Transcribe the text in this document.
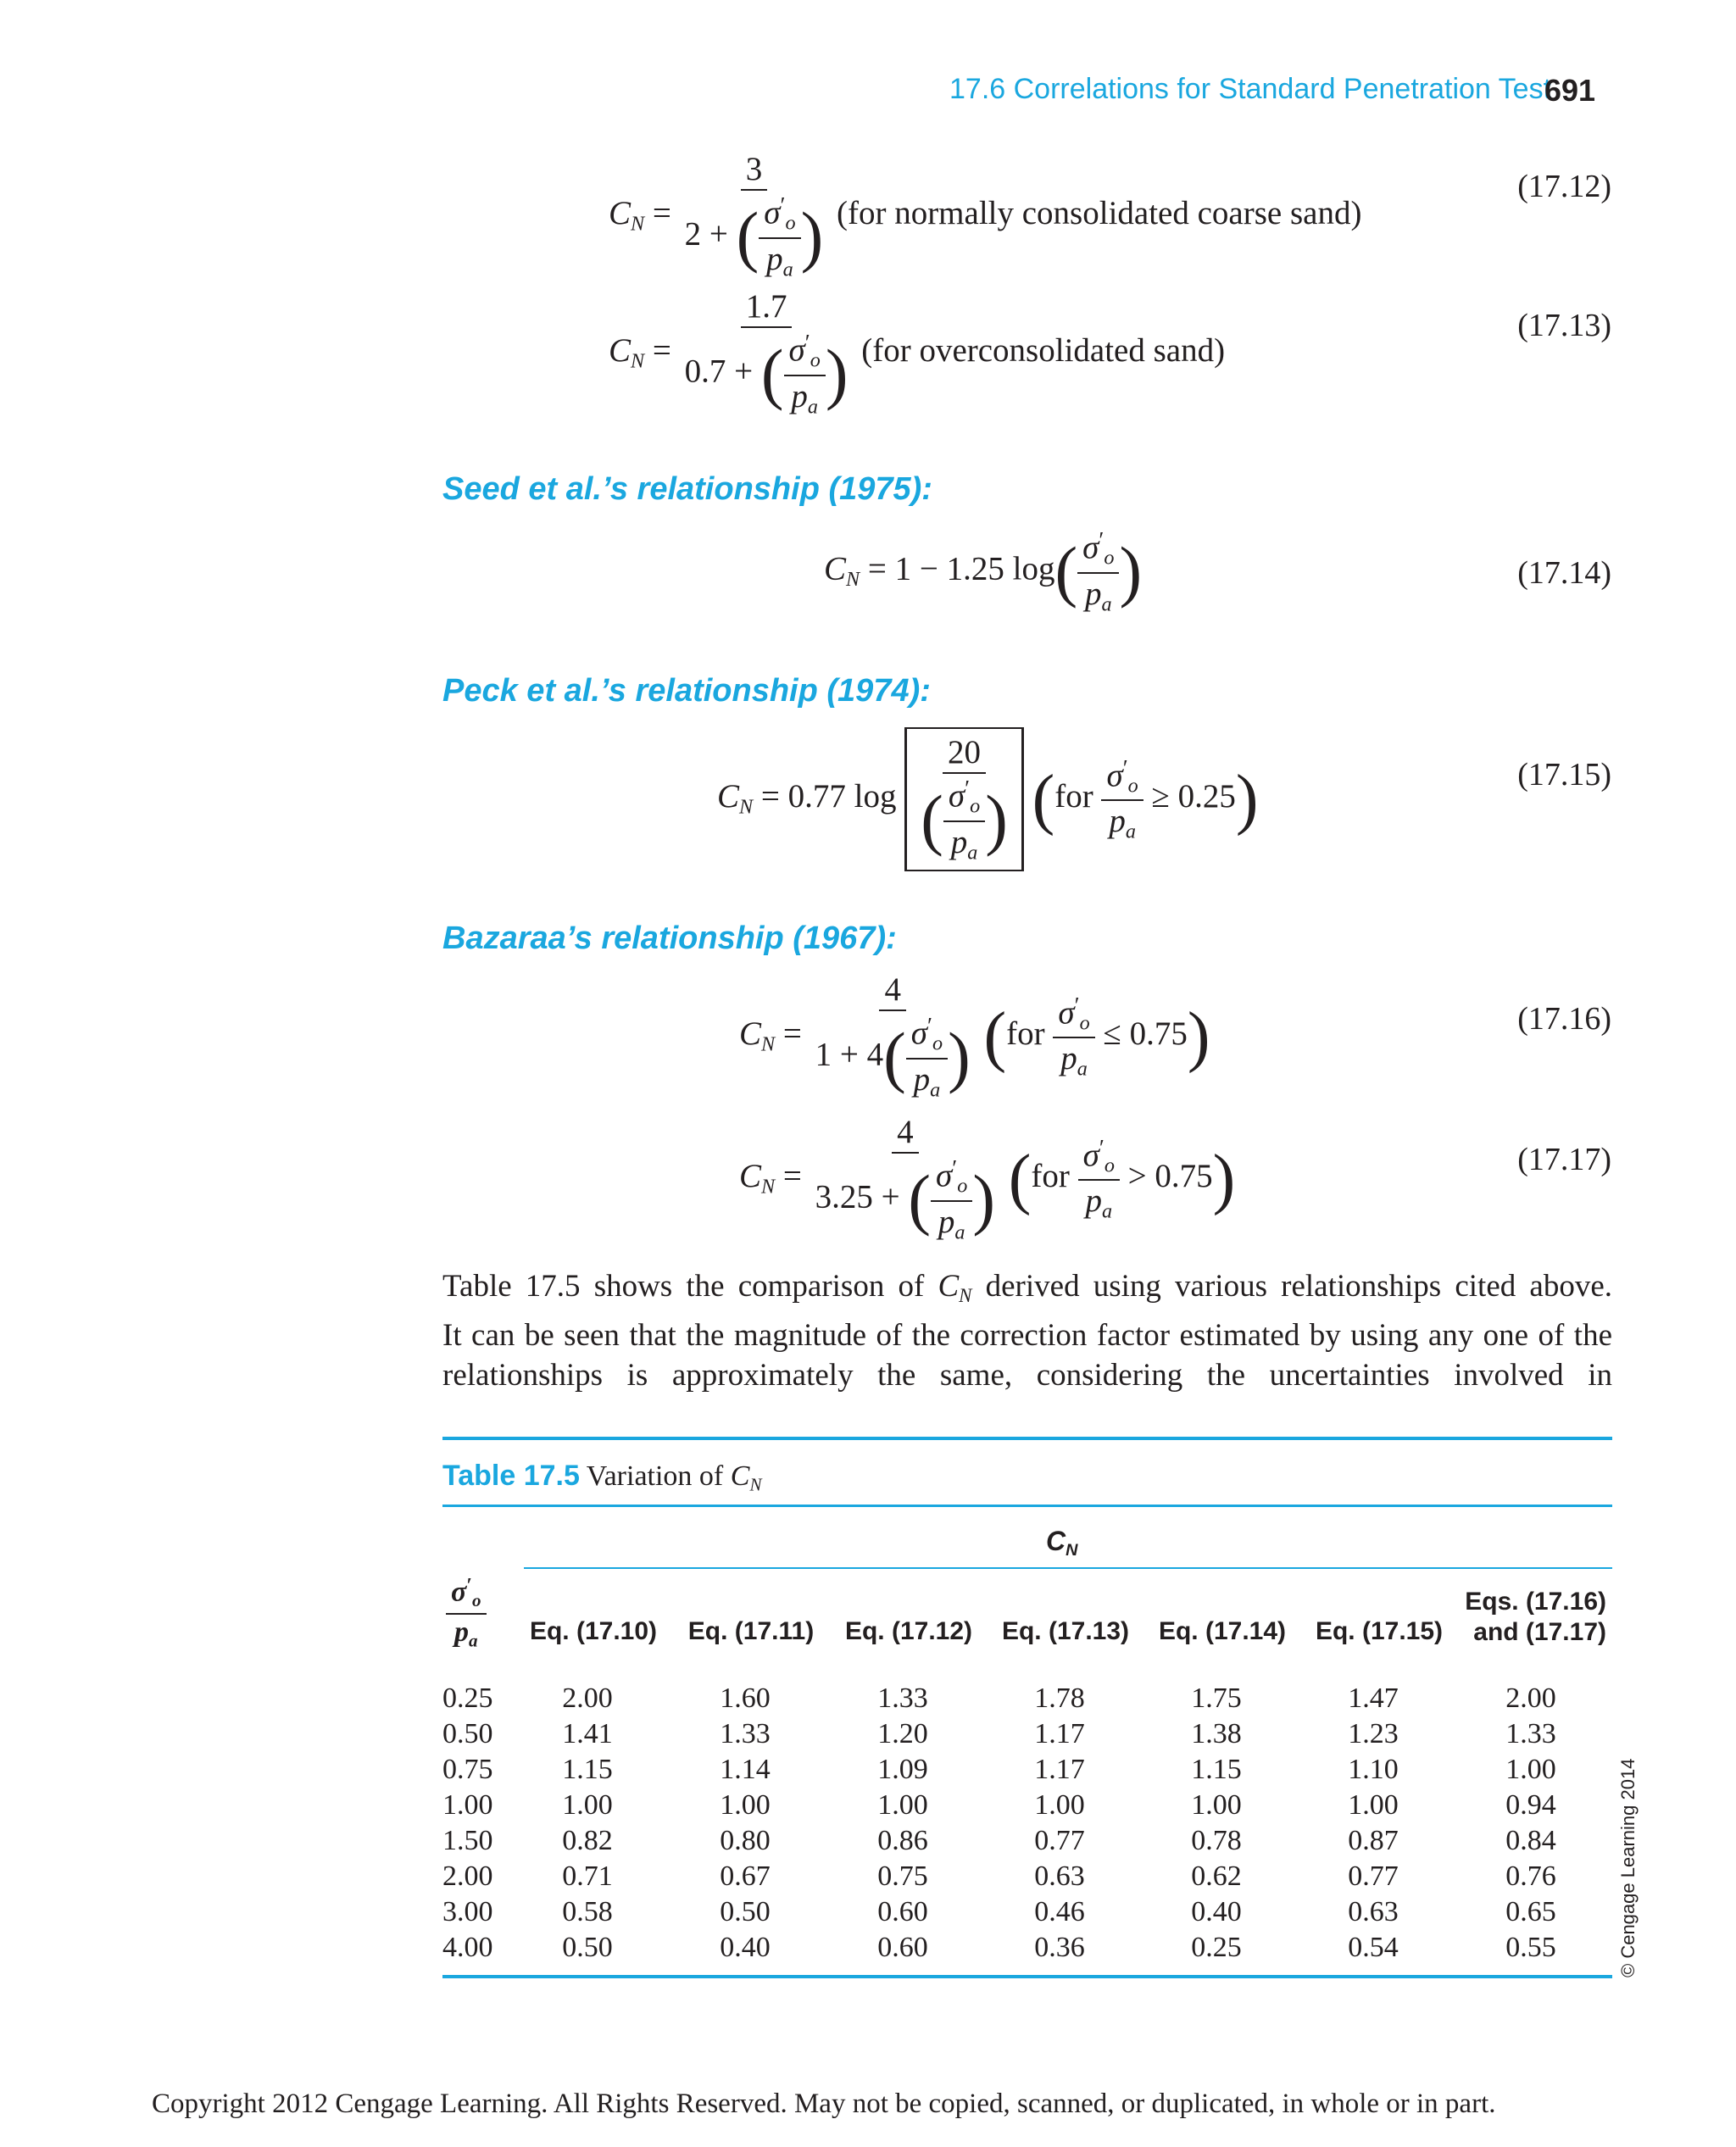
17.6 Correlations for Standard Penetration Test
691
$C_N = \frac{3}{2 + ( \frac{\sigma'_o}{p_a} )} (for$ normally consolidated coarse sand)
(17.12)
$C_N = \frac{1.7}{0.7 + ( \frac{\sigma'_o}{p_a} )} (for$ overconsolidated sand)
(17.13)
Seed et al.’s relationship (1975):
$C_N = 1 - 1.25$ $\log( \frac{\sigma'_o}{p_a}$ )	(17.14)
Peck et al.’s relationship (1974):
$C_N = 0.77$ $\log \frac{20}{( \frac{\sigma'_o}{p_a} )} (for \frac{\sigma'_o}{p_a} \ge 0.25)$	(17.15)
Bazaraa’s relationship (1967):
$C_N = \frac{4}{1 + 4( \frac{\sigma'_o}{p_a} )} (for \frac{\sigma'_o}{p_a} \le 0.75)$	(17.16)
$C_N = \frac{4}{3.25 + ( \frac{\sigma'_o}{p_a} )} (for \frac{\sigma'_o}{p_a} > 0.75)$	(17.17)
Table 17.5 shows the comparison of $C_N$ derived using various relationships cited above.
It can be seen that the magnitude of the correction factor estimated by using any one of the
relationships is approximately the same, considering the uncertainties involved in
Table 17.5 Variation of $C_N$
$C_N$
$\frac{\sigma'_o}{p_a}$	Eq. (17.10)	Eq. (17.11)	Eq. (17.12)	Eq. (17.13)	Eq. (17.14)	Eq. (17.15)
Eqs. (17.16)
and (17.17)
0.25	2.00	1.60	1.33	1.78	1.75	1.47	2.00
0.50	1.41	1.33	1.20	1.17	1.38	1.23	1.33
0.75	1.15	1.14	1.09	1.17	1.15	1.10	1.00
1.00	1.00	1.00	1.00	1.00	1.00	1.00	0.94
1.50	0.82	0.80	0.86	0.77	0.78	0.87	0.84
2.00	0.71	0.67	0.75	0.63	0.62	0.77	0.76
3.00	0.58	0.50	0.60	0.46	0.40	0.63	0.65
4.00	0.50	0.40	0.60	0.36	0.25	0.54	0.55	© Cengage Learning 2014
Copyright 2012 Cengage Learning. All Rights Reserved. May not be copied, scanned, or duplicated, in whole or in part.
